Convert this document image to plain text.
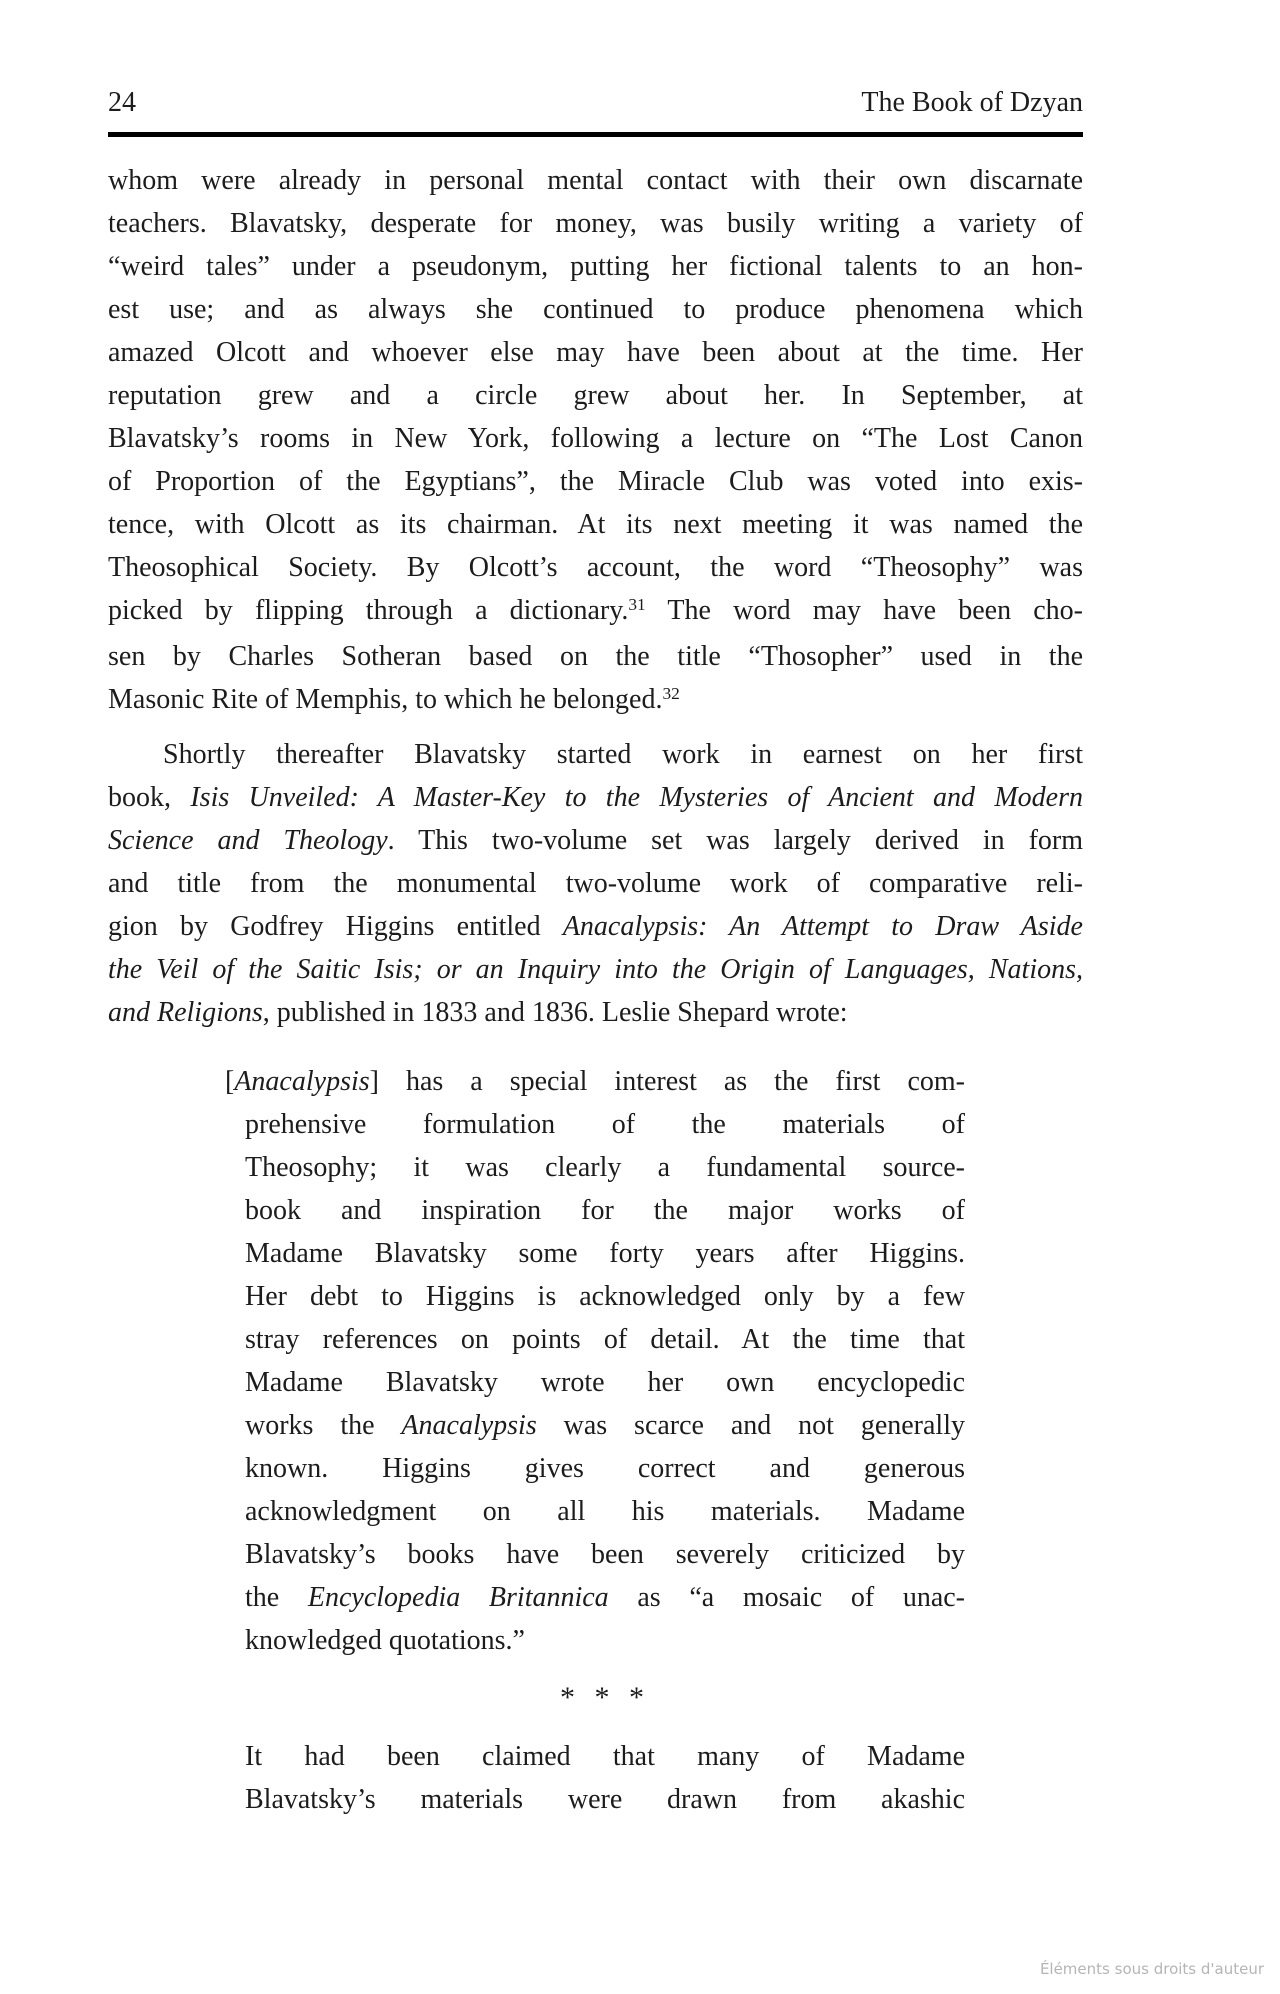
24	The Book of Dzyan
whom were already in personal mental contact with their own discarnate
teachers. Blavatsky, desperate for money, was busily writing a variety of
“weird tales” under a pseudonym, putting her fictional talents to an hon-
est use; and as always she continued to produce phenomena which
amazed Olcott and whoever else may have been about at the time. Her
reputation grew and a circle grew about her. In September, at
Blavatsky’s rooms in New York, following a lecture on “The Lost Canon
of Proportion of the Egyptians”, the Miracle Club was voted into exis-
tence, with Olcott as its chairman. At its next meeting it was named the
Theosophical Society. By Olcott’s account, the word “Theosophy” was
picked by flipping through a dictionary.$^{31}$ The word may have been cho-
sen by Charles Sotheran based on the title “Thosopher” used in the
Masonic Rite of Memphis, to which he belonged.$^{32}$
Shortly thereafter Blavatsky started work in earnest on her first
book, Isis Unveiled: A Master-Key to the Mysteries of Ancient and Modern
Science and Theology. This two-volume set was largely derived in form
and title from the monumental two-volume work of comparative reli-
gion by Godfrey Higgins entitled Anacalypsis: An Attempt to Draw Aside
the Veil of the Saitic Isis; or an Inquiry into the Origin of Languages, Nations,
and Religions, published in 1833 and 1836. Leslie Shepard wrote:
[Anacalypsis] has a special interest as the first com-
prehensive formulation of the materials of
Theosophy; it was clearly a fundamental source-
book and inspiration for the major works of
Madame Blavatsky some forty years after Higgins.
Her debt to Higgins is acknowledged only by a few
stray references on points of detail. At the time that
Madame Blavatsky wrote her own encyclopedic
works the Anacalypsis was scarce and not generally
known. Higgins gives correct and generous
acknowledgment on all his materials. Madame
Blavatsky’s books have been severely criticized by
the Encyclopedia Britannica as “a mosaic of unac-
knowledged quotations.”
* * *
It had been claimed that many of Madame
Blavatsky’s materials were drawn from akashic
Éléments sous droits d'auteur
